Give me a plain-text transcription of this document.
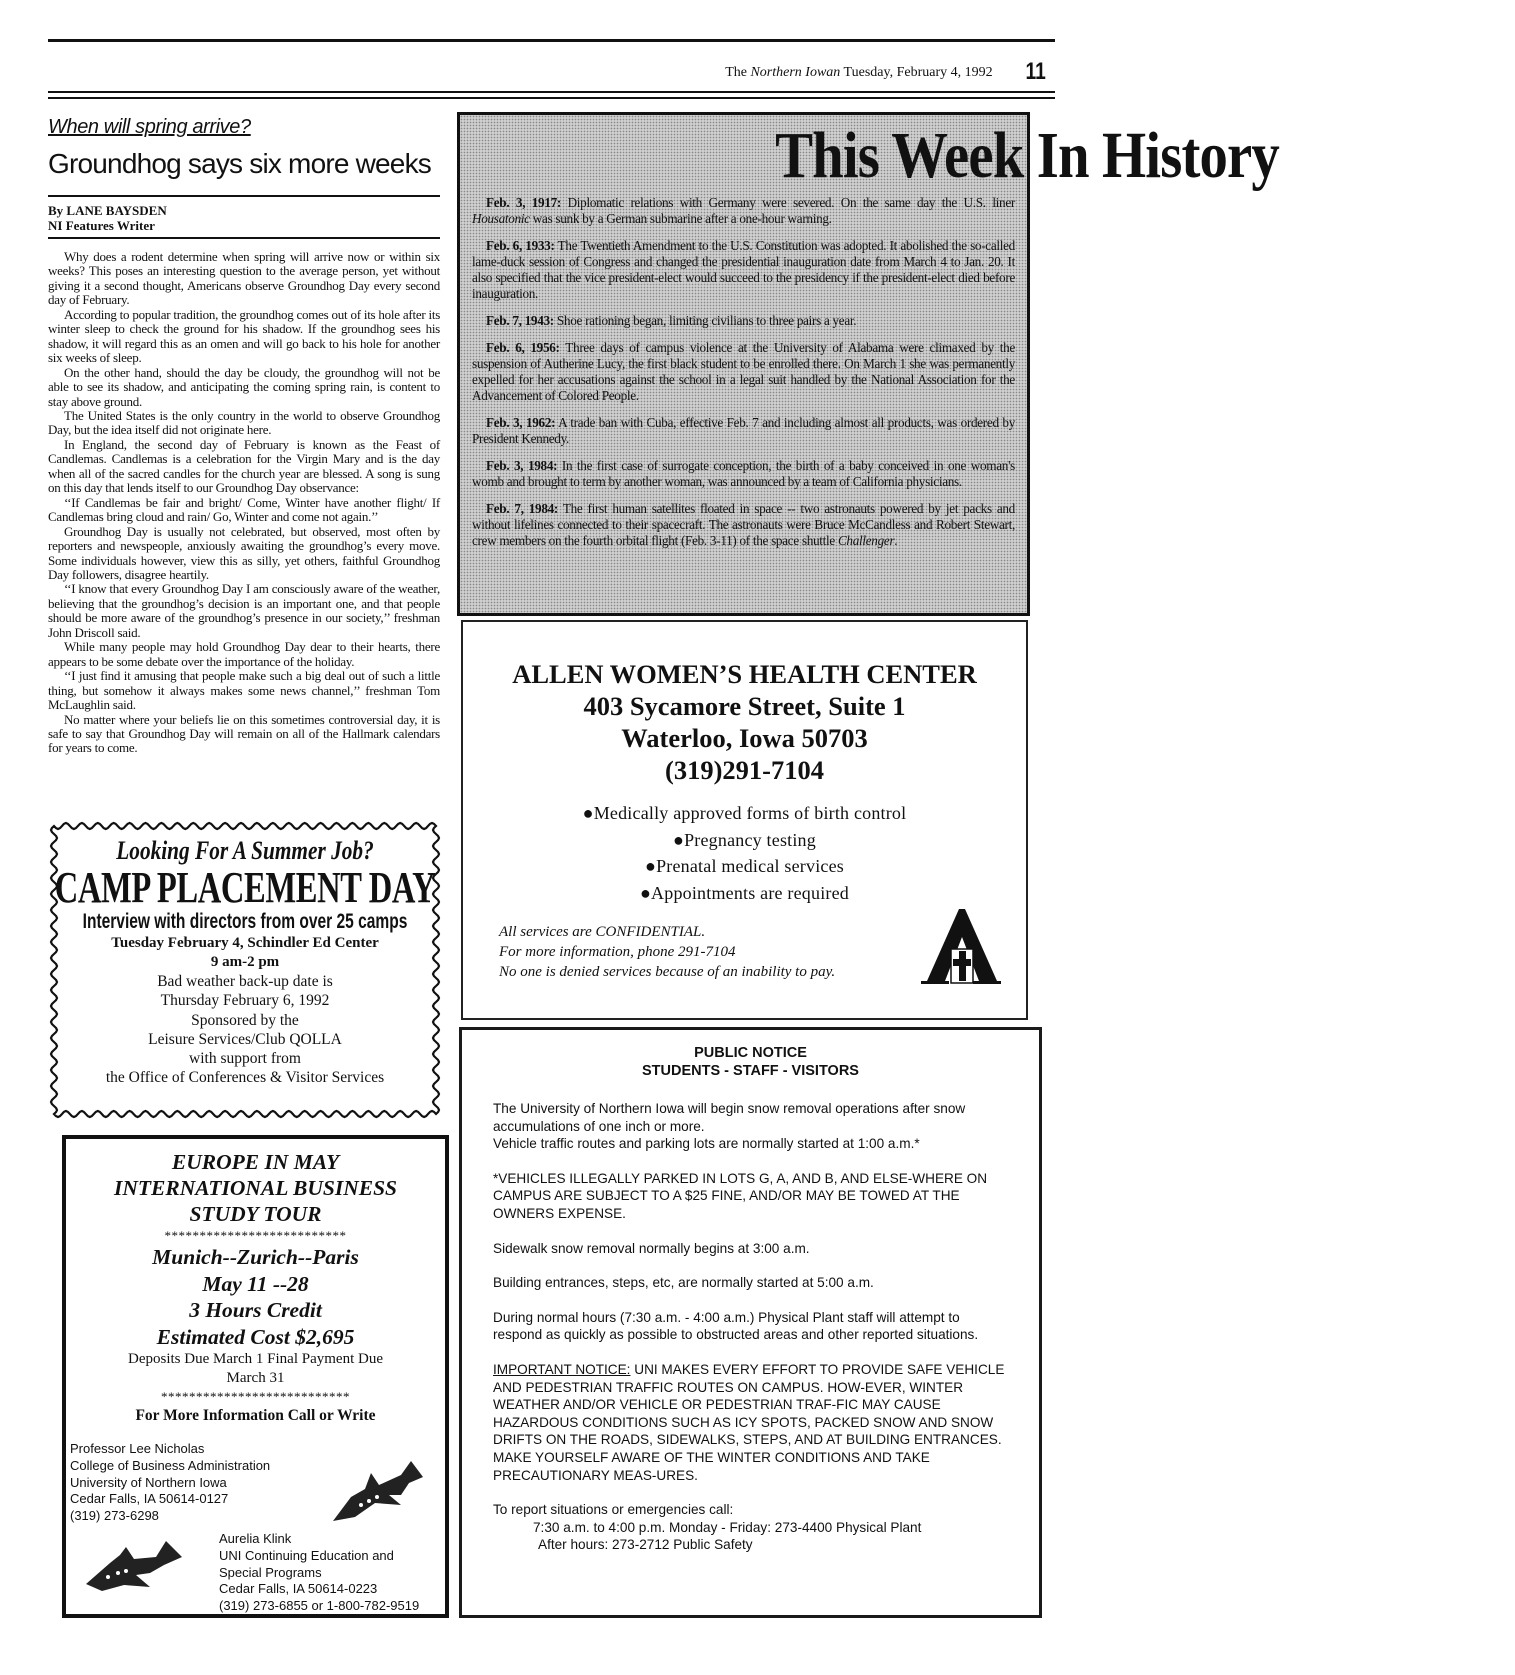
The Northern Iowan Tuesday, February 4, 1992 11
When will spring arrive?
Groundhog says six more weeks
By LANE BAYSDEN
NI Features Writer

Why does a rodent determine when spring will arrive now or within six weeks? This poses an interesting question to the average person, yet without giving it a second thought, Americans observe Groundhog Day every second day of February.

According to popular tradition, the groundhog comes out of its hole after its winter sleep to check the ground for his shadow. If the groundhog sees his shadow, it will regard this as an omen and will go back to his hole for another six weeks of sleep.

On the other hand, should the day be cloudy, the groundhog will not be able to see its shadow, and anticipating the coming spring rain, is content to stay above ground.

The United States is the only country in the world to observe Groundhog Day, but the idea itself did not originate here.

In England, the second day of February is known as the Feast of Candlemas. Candlemas is a celebration for the Virgin Mary and is the day when all of the sacred candles for the church year are blessed. A song is sung on this day that lends itself to our Groundhog Day observance:

‘‘If Candlemas be fair and bright/ Come, Winter have another flight/ If Candlemas bring cloud and rain/ Go, Winter and come not again.’’

Groundhog Day is usually not celebrated, but observed, most often by reporters and newspeople, anxiously awaiting the groundhog’s every move. Some individuals however, view this as silly, yet others, faithful Groundhog Day followers, disagree heartily.

‘‘I know that every Groundhog Day I am consciously aware of the weather, believing that the groundhog’s decision is an important one, and that people should be more aware of the groundhog’s presence in our society,’’ freshman John Driscoll said.

While many people may hold Groundhog Day dear to their hearts, there appears to be some debate over the importance of the holiday.

‘‘I just find it amusing that people make such a big deal out of such a little thing, but somehow it always makes some news channel,’’ freshman Tom McLaughlin said.

No matter where your beliefs lie on this sometimes controversial day, it is safe to say that Groundhog Day will remain on all of the Hallmark calendars for years to come.

This Week In History

Feb. 3, 1917: Diplomatic relations with Germany were severed. On the same day the U.S. liner Housatonic was sunk by a German submarine after a one-hour warning.

Feb. 6, 1933: The Twentieth Amendment to the U.S. Constitution was adopted. It abolished the so-called lame-duck session of Congress and changed the presidential inauguration date from March 4 to Jan. 20. It also specified that the vice president-elect would succeed to the presidency if the president-elect died before inauguration.

Feb. 7, 1943: Shoe rationing began, limiting civilians to three pairs a year.

Feb. 6, 1956: Three days of campus violence at the University of Alabama were climaxed by the suspension of Autherine Lucy, the first black student to be enrolled there. On March 1 she was permanently expelled for her accusations against the school in a legal suit handled by the National Association for the Advancement of Colored People.

Feb. 3, 1962: A trade ban with Cuba, effective Feb. 7 and including almost all products, was ordered by President Kennedy.

Feb. 3, 1984: In the first case of surrogate conception, the birth of a baby conceived in one woman's womb and brought to term by another woman, was announced by a team of California physicians.

Feb. 7, 1984: The first human satellites floated in space -- two astronauts powered by jet packs and without lifelines connected to their spacecraft. The astronauts were Bruce McCandless and Robert Stewart, crew members on the fourth orbital flight (Feb. 3-11) of the space shuttle Challenger.

ALLEN WOMEN’S HEALTH CENTER
403 Sycamore Street, Suite 1
Waterloo, Iowa 50703
(319)291-7104
●Medically approved forms of birth control
●Pregnancy testing
●Prenatal medical services
●Appointments are required
All services are CONFIDENTIAL.
For more information, phone 291-7104
No one is denied services because of an inability to pay.
PUBLIC NOTICE
STUDENTS - STAFF - VISITORS

The University of Northern Iowa will begin snow removal operations after snow accumulations of one inch or more.
Vehicle traffic routes and parking lots are normally started at 1:00 a.m.*

*VEHICLES ILLEGALLY PARKED IN LOTS G, A, AND B, AND ELSE-WHERE ON CAMPUS ARE SUBJECT TO A $25 FINE, AND/OR MAY BE TOWED AT THE OWNERS EXPENSE.

Sidewalk snow removal normally begins at 3:00 a.m.

Building entrances, steps, etc, are normally started at 5:00 a.m.

During normal hours (7:30 a.m. - 4:00 a.m.) Physical Plant staff will attempt to respond as quickly as possible to obstructed areas and other reported situations.

IMPORTANT NOTICE: UNI MAKES EVERY EFFORT TO PROVIDE SAFE VEHICLE AND PEDESTRIAN TRAFFIC ROUTES ON CAMPUS. HOW-EVER, WINTER WEATHER AND/OR VEHICLE OR PEDESTRIAN TRAF-FIC MAY CAUSE HAZARDOUS CONDITIONS SUCH AS ICY SPOTS, PACKED SNOW AND SNOW DRIFTS ON THE ROADS, SIDEWALKS, STEPS, AND AT BUILDING ENTRANCES. MAKE YOURSELF AWARE OF THE WINTER CONDITIONS AND TAKE PRECAUTIONARY MEAS-URES.

To report situations or emergencies call:
7:30 a.m. to 4:00 p.m. Monday - Friday: 273-4400 Physical Plant
After hours: 273-2712 Public Safety
Looking For A Summer Job?
CAMP PLACEMENT DAY
Interview with directors from over 25 camps
Tuesday February 4, Schindler Ed Center
9 am-2 pm
Bad weather back-up date is
Thursday February 6, 1992
Sponsored by the
Leisure Services/Club QOLLA
with support from
the Office of Conferences & Visitor Services
EUROPE IN MAY
INTERNATIONAL BUSINESS
STUDY TOUR
**************************
Munich--Zurich--Paris
May 11 --28
3 Hours Credit
Estimated Cost $2,695
Deposits Due March 1 Final Payment Due
March 31
***************************
For More Information Call or Write
Professor Lee Nicholas
College of Business Administration
University of Northern Iowa
Cedar Falls, IA 50614-0127
(319) 273-6298
Aurelia Klink
UNI Continuing Education and
Special Programs
Cedar Falls, IA 50614-0223
(319) 273-6855 or 1-800-782-9519
